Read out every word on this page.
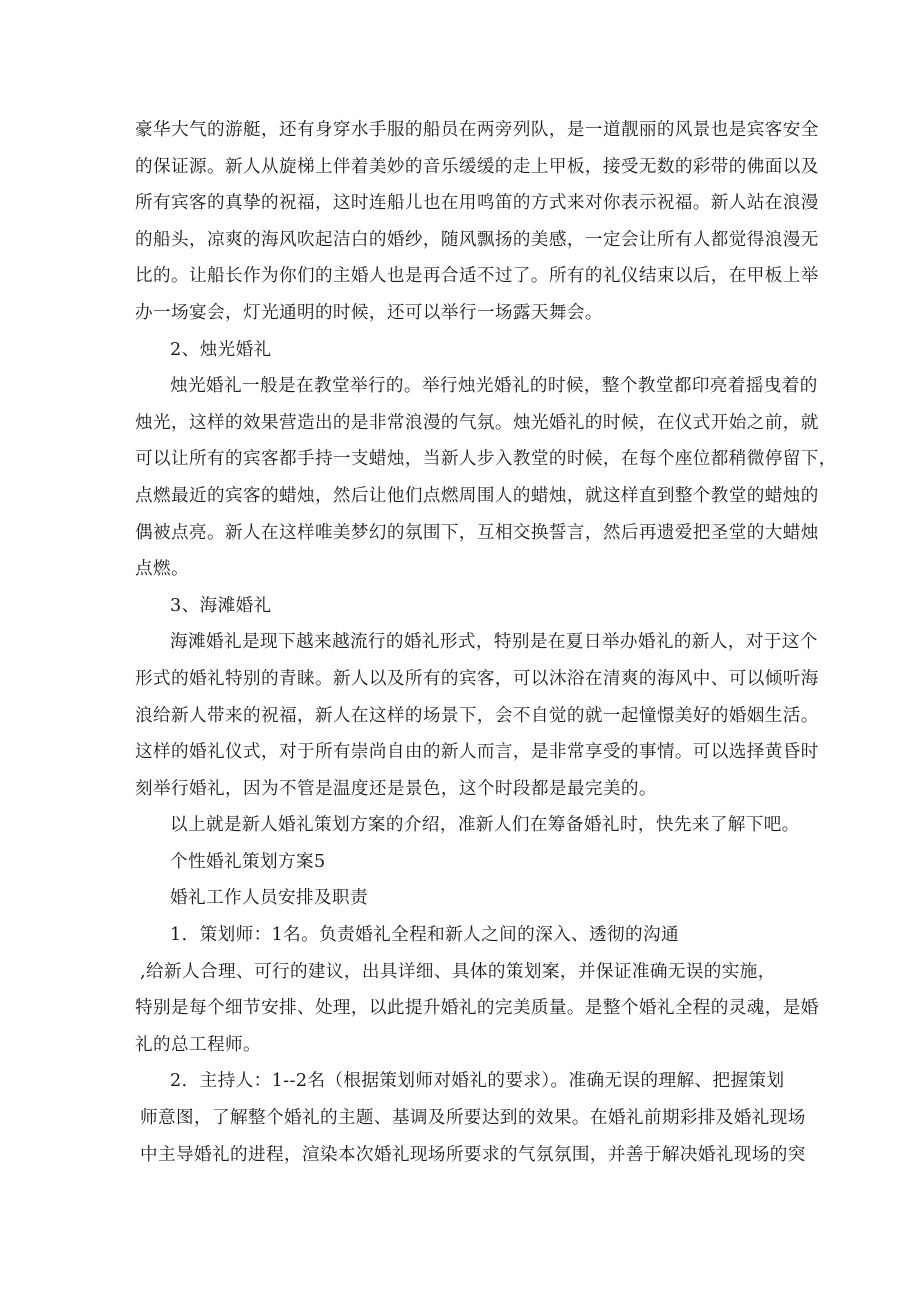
豪华大气的游艇，还有身穿水手服的船员在两旁列队，是一道靓丽的风景也是宾客安全
的保证源。新人从旋梯上伴着美妙的音乐缓缓的走上甲板，接受无数的彩带的佛面以及
所有宾客的真挚的祝福，这时连船儿也在用鸣笛的方式来对你表示祝福。新人站在浪漫
的船头，凉爽的海风吹起洁白的婚纱，随风飘扬的美感，一定会让所有人都觉得浪漫无
比的。让船长作为你们的主婚人也是再合适不过了。所有的礼仪结束以后，在甲板上举
办一场宴会，灯光通明的时候，还可以举行一场露天舞会。
2、烛光婚礼
烛光婚礼一般是在教堂举行的。举行烛光婚礼的时候，整个教堂都印亮着摇曳着的
烛光，这样的效果营造出的是非常浪漫的气氛。烛光婚礼的时候，在仪式开始之前，就
可以让所有的宾客都手持一支蜡烛，当新人步入教堂的时候，在每个座位都稍微停留下，
点燃最近的宾客的蜡烛，然后让他们点燃周围人的蜡烛，就这样直到整个教堂的蜡烛的
偶被点亮。新人在这样唯美梦幻的氛围下，互相交换誓言，然后再遗爱把圣堂的大蜡烛
点燃。
3、海滩婚礼
海滩婚礼是现下越来越流行的婚礼形式，特别是在夏日举办婚礼的新人，对于这个
形式的婚礼特别的青睐。新人以及所有的宾客，可以沐浴在清爽的海风中、可以倾听海
浪给新人带来的祝福，新人在这样的场景下，会不自觉的就一起憧憬美好的婚姻生活。
这样的婚礼仪式，对于所有崇尚自由的新人而言，是非常享受的事情。可以选择黄昏时
刻举行婚礼，因为不管是温度还是景色，这个时段都是最完美的。
以上就是新人婚礼策划方案的介绍，准新人们在筹备婚礼时，快先来了解下吧。
个性婚礼策划方案5
婚礼工作人员安排及职责
1．策划师：1名。负责婚礼全程和新人之间的深入、透彻的沟通
,给新人合理、可行的建议，出具详细、具体的策划案，并保证准确无误的实施，
特别是每个细节安排、处理，以此提升婚礼的完美质量。是整个婚礼全程的灵魂，是婚
礼的总工程师。
2．主持人：1--2名（根据策划师对婚礼的要求）。准确无误的理解、把握策划
师意图，了解整个婚礼的主题、基调及所要达到的效果。在婚礼前期彩排及婚礼现场
中主导婚礼的进程，渲染本次婚礼现场所要求的气氛氛围，并善于解决婚礼现场的突
